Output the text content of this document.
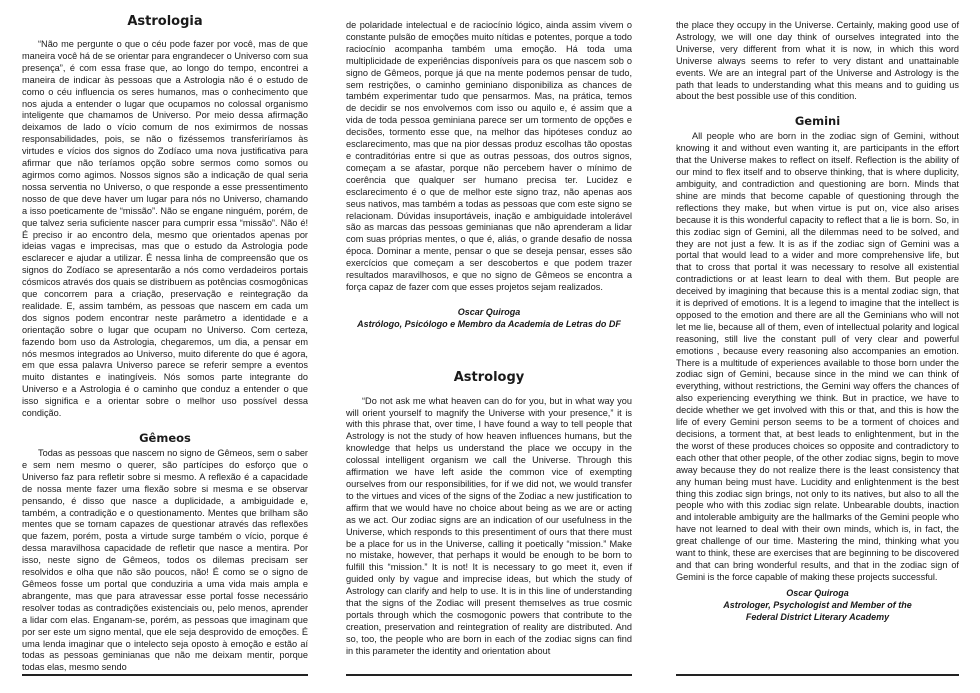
Astrologia

“Não me pergunte o que o céu pode fazer por você, mas de que maneira você há de se orientar para engrandecer o Universo com sua presença”, é com essa frase que, ao longo do tempo, encontrei a maneira de indicar às pessoas que a Astrologia não é o estudo de como o céu influencia os seres humanos, mas o conhecimento que nos ajuda a entender o lugar que ocupamos no colossal organismo inteligente que chamamos de Universo. Por meio dessa afirmação deixamos de lado o vício comum de nos eximirmos de nossas responsabilidades, pois, se não o fizéssemos transferiríamos às virtudes e vícios dos signos do Zodíaco uma nova justificativa para afirmar que não teríamos opção sobre sermos como somos ou agirmos como agimos. Nossos signos são a indicação de qual seria nossa serventia no Universo, o que responde a esse pressentimento nosso de que deve haver um lugar para nós no Universo, chamando a isso poeticamente de “missão”. Não se engane ninguém, porém, de que talvez seria suficiente nascer para cumprir essa “missão”. Não é! É preciso ir ao encontro dela, mesmo que orientados apenas por ideias vagas e imprecisas, mas que o estudo da Astrologia pode esclarecer e ajudar a utilizar. É nessa linha de compreensão que os signos do Zodíaco se apresentarão a nós como verdadeiros portais cósmicos através dos quais se distribuem as potências cosmogônicas que concorrem para a criação, preservação e reintegração da realidade. E, assim também, as pessoas que nascem em cada um dos signos podem encontrar neste parâmetro a identidade e a orientação sobre o lugar que ocupam no Universo. Com certeza, fazendo bom uso da Astrologia, chegaremos, um dia, a pensar em nós mesmos integrados ao Universo, muito diferente do que é agora, em que essa palavra Universo parece se referir sempre a eventos muito distantes e inatingíveis. Nós somos parte integrante do Universo e a Astrologia é o caminho que conduz a entender o que isso significa e a orientar sobre o melhor uso possível dessa condição.

Gêmeos

Todas as pessoas que nascem no signo de Gêmeos, sem o saber e sem nem mesmo o querer, são partícipes do esforço que o Universo faz para refletir sobre si mesmo. A reflexão é a capacidade de nossa mente fazer uma flexão sobre si mesma e se observar pensando, é disso que nasce a duplicidade, a ambiguidade e, também, a contradição e o questionamento. Mentes que brilham são mentes que se tornam capazes de questionar através das reflexões que fazem, porém, posta a virtude surge também o vício, porque é dessa maravilhosa capacidade de refletir que nasce a mentira. Por isso, neste signo de Gêmeos, todos os dilemas precisam ser resolvidos e olha que não são poucos, não! É como se o signo de Gêmeos fosse um portal que conduziria a uma vida mais ampla e abrangente, mas que para atravessar esse portal fosse necessário resolver todas as contradições existenciais ou, pelo menos, aprender a lidar com elas. Enganam-se, porém, as pessoas que imaginam que por ser este um signo mental, que ele seja desprovido de emoções. É uma lenda imaginar que o intelecto seja oposto à emoção e estão aí todas as pessoas geminianas que não me deixam mentir, porque todas elas, mesmo sendo

de polaridade intelectual e de raciocínio lógico, ainda assim vivem o constante pulsão de emoções muito nítidas e potentes, porque a todo raciocínio acompanha também uma emoção. Há toda uma multiplicidade de experiências disponíveis para os que nascem sob o signo de Gêmeos, porque já que na mente podemos pensar de tudo, sem restrições, o caminho geminiano disponibiliza as chances de também experimentar tudo que pensarmos. Mas, na prática, temos de decidir se nos envolvemos com isso ou aquilo e, é assim que a vida de toda pessoa geminiana parece ser um tormento de opções e decisões, tormento esse que, na melhor das hipóteses conduz ao esclarecimento, mas que na pior dessas produz escolhas tão opostas e contraditórias entre si que as outras pessoas, dos outros signos, começam a se afastar, porque não percebem haver o mínimo de coerência que qualquer ser humano precisa ter. Lucidez e esclarecimento é o que de melhor este signo traz, não apenas aos seus nativos, mas também a todas as pessoas que com este signo se relacionam. Dúvidas insuportáveis, inação e ambiguidade intolerável são as marcas das pessoas geminianas que não aprenderam a lidar com suas próprias mentes, o que é, aliás, o grande desafio de nossa época. Dominar a mente, pensar o que se deseja pensar, esses são exercícios que começam a ser descobertos e que podem trazer resultados maravilhosos, e que no signo de Gêmeos se encontra a força capaz de fazer com que esses projetos sejam realizados.

Oscar Quiroga
Astrólogo, Psicólogo e Membro da Academia de Letras do DF
Astrology

“Do not ask me what heaven can do for you, but in what way you will orient yourself to magnify the Universe with your presence,” it is with this phrase that, over time, I have found a way to tell people that Astrology is not the study of how heaven influences humans, but the knowledge that helps us understand the place we occupy in the colossal intelligent organism we call the Universe. Through this affirmation we have left aside the common vice of exempting ourselves from our responsibilities, for if we did not, we would transfer to the virtues and vices of the signs of the Zodiac a new justification to affirm that we would have no choice about being as we are or acting as we act. Our zodiac signs are an indication of our usefulness in the Universe, which responds to this presentiment of ours that there must be a place for us in the Universe, calling it poetically “mission.” Make no mistake, however, that perhaps it would be enough to be born to fulfill this “mission.” It is not! It is necessary to go meet it, even if guided only by vague and imprecise ideas, but which the study of Astrology can clarify and help to use. It is in this line of understanding that the signs of the Zodiac will present themselves as true cosmic portals through which the cosmogonic powers that contribute to the creation, preservation and reintegration of reality are distributed. And so, too, the people who are born in each of the zodiac signs can find in this parameter the identity and orientation about

the place they occupy in the Universe. Certainly, making good use of Astrology, we will one day think of ourselves integrated into the Universe, very different from what it is now, in which this word Universe always seems to refer to very distant and unattainable events. We are an integral part of the Universe and Astrology is the path that leads to understanding what this means and to guiding us about the best possible use of this condition.

Gemini

All people who are born in the zodiac sign of Gemini, without knowing it and without even wanting it, are participants in the effort that the Universe makes to reflect on itself. Reflection is the ability of our mind to flex itself and to observe thinking, that is where duplicity, ambiguity, and contradiction and questioning are born. Minds that shine are minds that become capable of questioning through the reflections they make, but when virtue is put on, vice also arises because it is this wonderful capacity to reflect that a lie is born. So, in this zodiac sign of Gemini, all the dilemmas need to be solved, and they are not just a few. It is as if the zodiac sign of Gemini was a portal that would lead to a wider and more comprehensive life, but that to cross that portal it was necessary to resolve all existential contradictions or at least learn to deal with them. But people are deceived by imagining that because this is a mental zodiac sign, that it is deprived of emotions. It is a legend to imagine that the intellect is opposed to the emotion and there are all the Geminians who will not let me lie, because all of them, even of intellectual polarity and logical reasoning, still live the constant pull of very clear and powerful emotions , because every reasoning also accompanies an emotion. There is a multitude of experiences available to those born under the zodiac sign of Gemini, because since in the mind we can think of everything, without restrictions, the Gemini way offers the chances of also experiencing everything we think. But in practice, we have to decide whether we get involved with this or that, and this is how the life of every Gemini person seems to be a torment of choices and decisions, a torment that, at best leads to enlightenment, but in the the worst of these produces choices so opposite and contradictory to each other that other people, of the other zodiac signs, begin to move away because they do not realize there is the least consistency that any human being must have. Lucidity and enlightenment is the best thing this zodiac sign brings, not only to its natives, but also to all the people who with this zodiac sign relate. Unbearable doubts, inaction and intolerable ambiguity are the hallmarks of the Gemini people who have not learned to deal with their own minds, which is, in fact, the great challenge of our time. Mastering the mind, thinking what you want to think, these are exercises that are beginning to be discovered and that can bring wonderful results, and that in the zodiac sign of Gemini is the force capable of making these projects successful.

Oscar Quiroga
Astrologer, Psychologist and Member of the
Federal District Literary Academy
